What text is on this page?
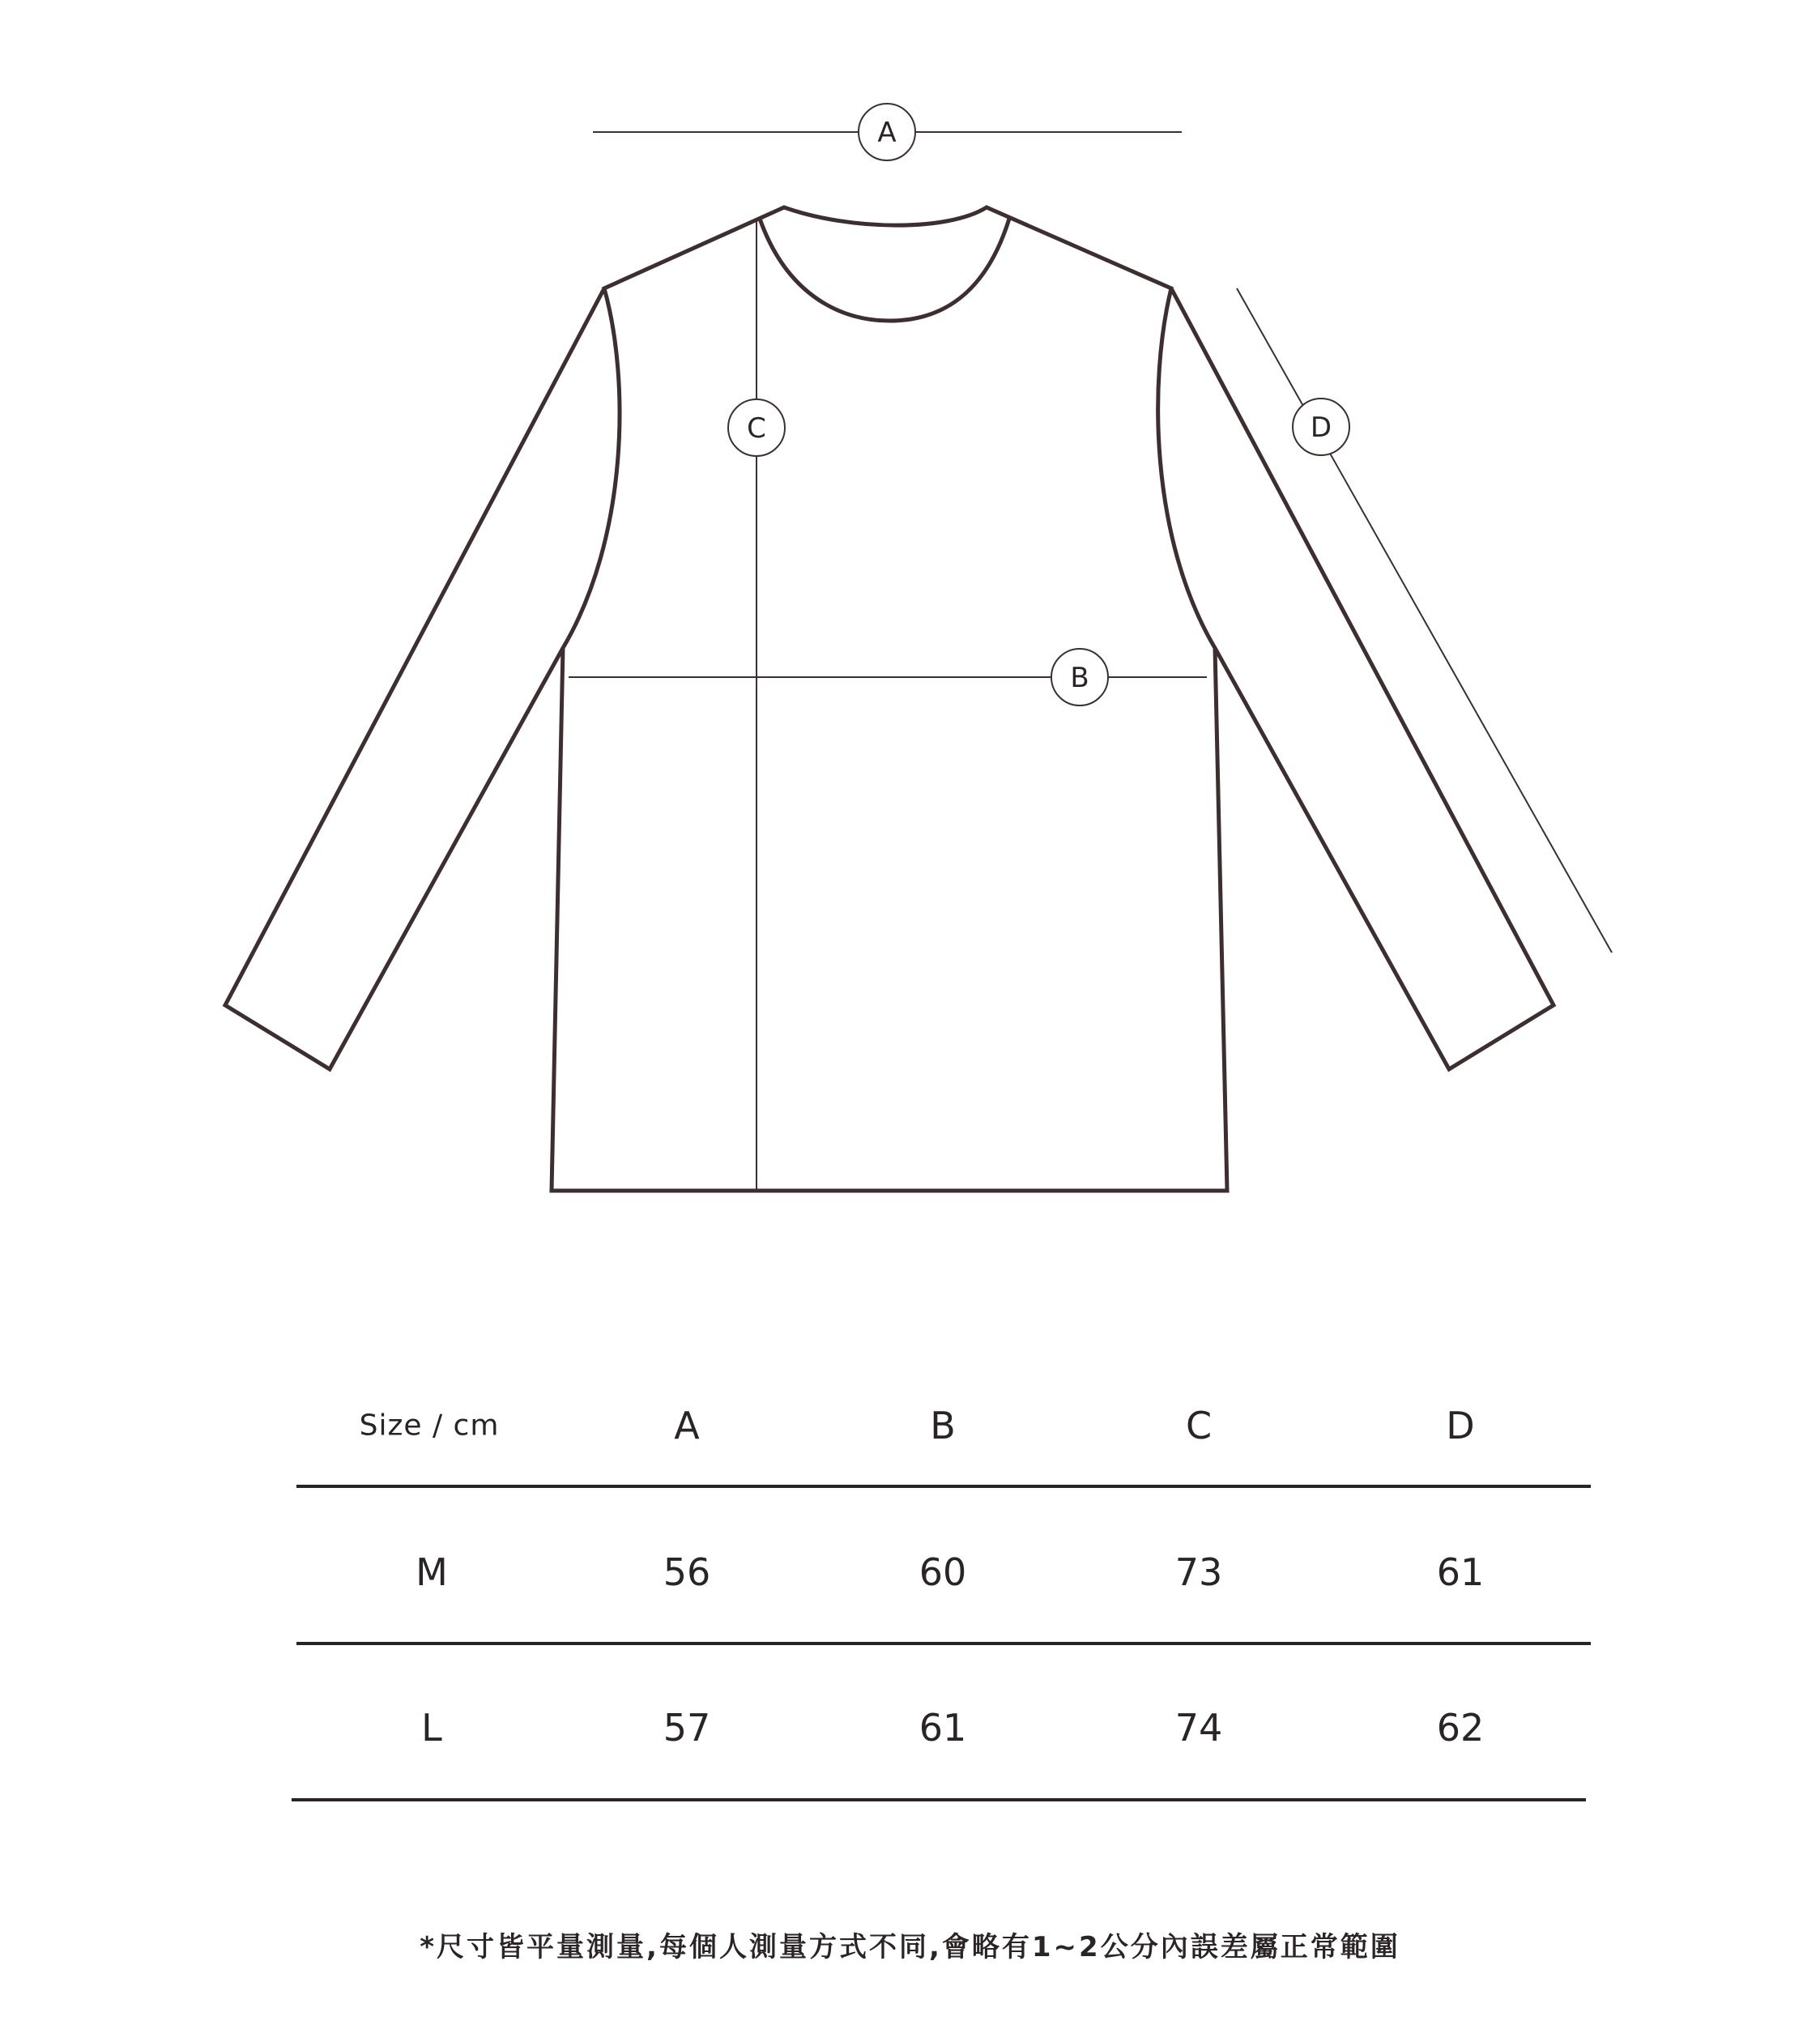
A
C
B
D
Size / cm	A	B	C	D
M	56	60	73	61
L	57	61	74	62
*尺寸皆平量測量,每個人測量方式不同,會略有1~2公分內誤差屬正常範圍
